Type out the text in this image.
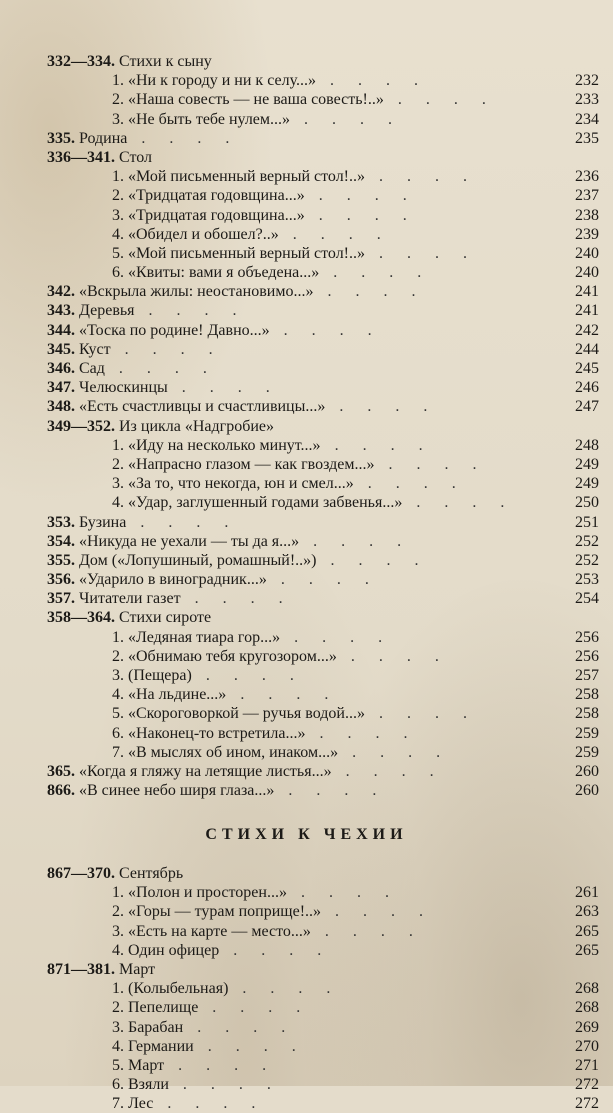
332—334. Стихи к сыну
1. «Ни к городу и ни к селу...» . . . .	232
2. «Наша совесть — не ваша совесть!..» . . . .	233
3. «Не быть тебе нулем...» . . . .	234
335. Родина . . . .	235
336—341. Стол
1. «Мой письменный верный стол!..» . . . .	236
2. «Тридцатая годовщина...» . . . .	237
3. «Тридцатая годовщина...» . . . .	238
4. «Обидел и обошел?..» . . . .	239
5. «Мой письменный верный стол!..» . . . .	240
6. «Квиты: вами я объедена...» . . . .	240
342. «Вскрыла жилы: неостановимо...» . . . .	241
343. Деревья . . . .	241
344. «Тоска по родине! Давно...» . . . .	242
345. Куст . . . .	244
346. Сад . . . .	245
347. Челюскинцы . . . .	246
348. «Есть счастливцы и счастливицы...» . . . .	247
349—352. Из цикла «Надгробие»
1. «Иду на несколько минут...» . . . .	248
2. «Напрасно глазом — как гвоздем...» . . . .	249
3. «За то, что некогда, юн и смел...» . . . .	249
4. «Удар, заглушенный годами забвенья...» . . . .	250
353. Бузина . . . .	251
354. «Никуда не уехали — ты да я...» . . . .	252
355. Дом («Лопушиный, ромашный!..») . . . .	252
356. «Ударило в виноградник...» . . . .	253
357. Читатели газет . . . .	254
358—364. Стихи сироте
1. «Ледяная тиара гор...» . . . .	256
2. «Обнимаю тебя кругозором...» . . . .	256
3. (Пещера) . . . .	257
4. «На льдине...» . . . .	258
5. «Скороговоркой — ручья водой...» . . . .	258
6. «Наконец-то встретила...» . . . .	259
7. «В мыслях об ином, инаком...» . . . .	259
365. «Когда я гляжу на летящие листья...» . . . .	260
866. «В синее небо ширя глаза...» . . . .	260
СТИХИ К ЧЕХИИ
867—370. Сентябрь
1. «Полон и просторен...» . . . .	261
2. «Горы — турам поприще!..» . . . .	263
3. «Есть на карте — место...» . . . .	265
4. Один офицер . . . .	265
871—381. Март
1. (Колыбельная) . . . .	268
2. Пепелище . . . .	268
3. Барабан . . . .	269
4. Германии . . . .	270
5. Март . . . .	271
6. Взяли . . . .	272
7. Лес . . . .	272
